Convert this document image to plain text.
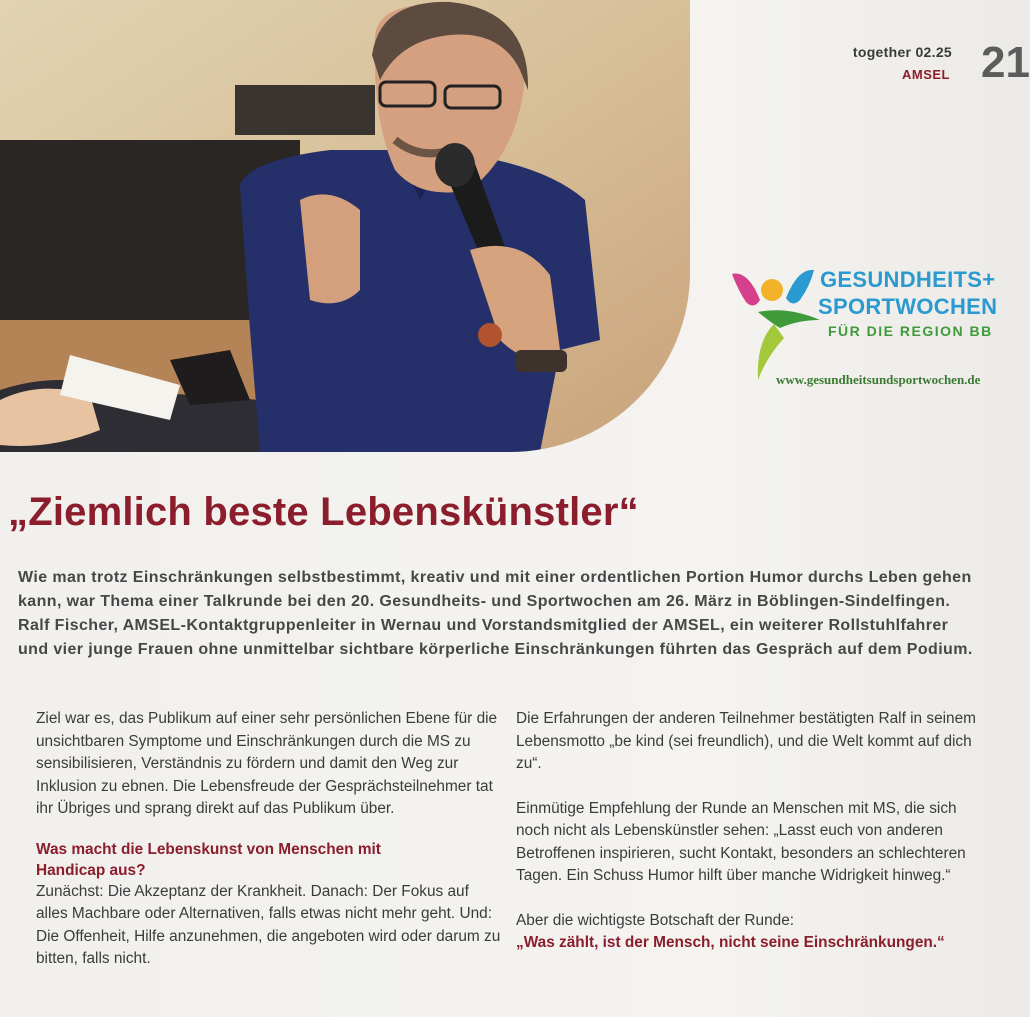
together 02.25
AMSEL 21
GESUNDHEITS+
SPORTWOCHEN
FÜR DIE REGION BB
www.gesundheitsundsportwochen.de
„Ziemlich beste Lebenskünstler“

Wie man trotz Einschränkungen selbstbestimmt, kreativ und mit einer ordentlichen Portion Humor durchs Leben gehen kann, war Thema einer Talkrunde bei den 20. Gesundheits- und Sportwochen am 26. März in Böblingen-Sindelfingen. Ralf Fischer, AMSEL-Kontaktgruppenleiter in Wernau und Vorstandsmitglied der AMSEL, ein weiterer Rollstuhlfahrer und vier junge Frauen ohne unmittelbar sichtbare körperliche Einschränkungen führten das Gespräch auf dem Podium.

Ziel war es, das Publikum auf einer sehr persönlichen Ebene für die unsichtbaren Symptome und Einschränkungen durch die MS zu sensibilisieren, Verständnis zu fördern und damit den Weg zur Inklusion zu ebnen. Die Lebensfreude der Gesprächsteilnehmer tat ihr Übriges und sprang direkt auf das Publikum über.

Was macht die Lebenskunst von Menschen mit Handicap aus?

Zunächst: Die Akzeptanz der Krankheit. Danach: Der Fokus auf alles Machbare oder Alternativen, falls etwas nicht mehr geht. Und: Die Offenheit, Hilfe anzunehmen, die angeboten wird oder darum zu bitten, falls nicht.

Die Erfahrungen der anderen Teilnehmer bestätigten Ralf in seinem Lebensmotto „be kind (sei freundlich), und die Welt kommt auf dich zu“.

Einmütige Empfehlung der Runde an Menschen mit MS, die sich noch nicht als Lebenskünstler sehen: „Lasst euch von anderen Betroffenen inspirieren, sucht Kontakt, besonders an schlechteren Tagen. Ein Schuss Humor hilft über manche Widrigkeit hinweg.“

Aber die wichtigste Botschaft der Runde:

„Was zählt, ist der Mensch, nicht seine Einschränkungen.“
